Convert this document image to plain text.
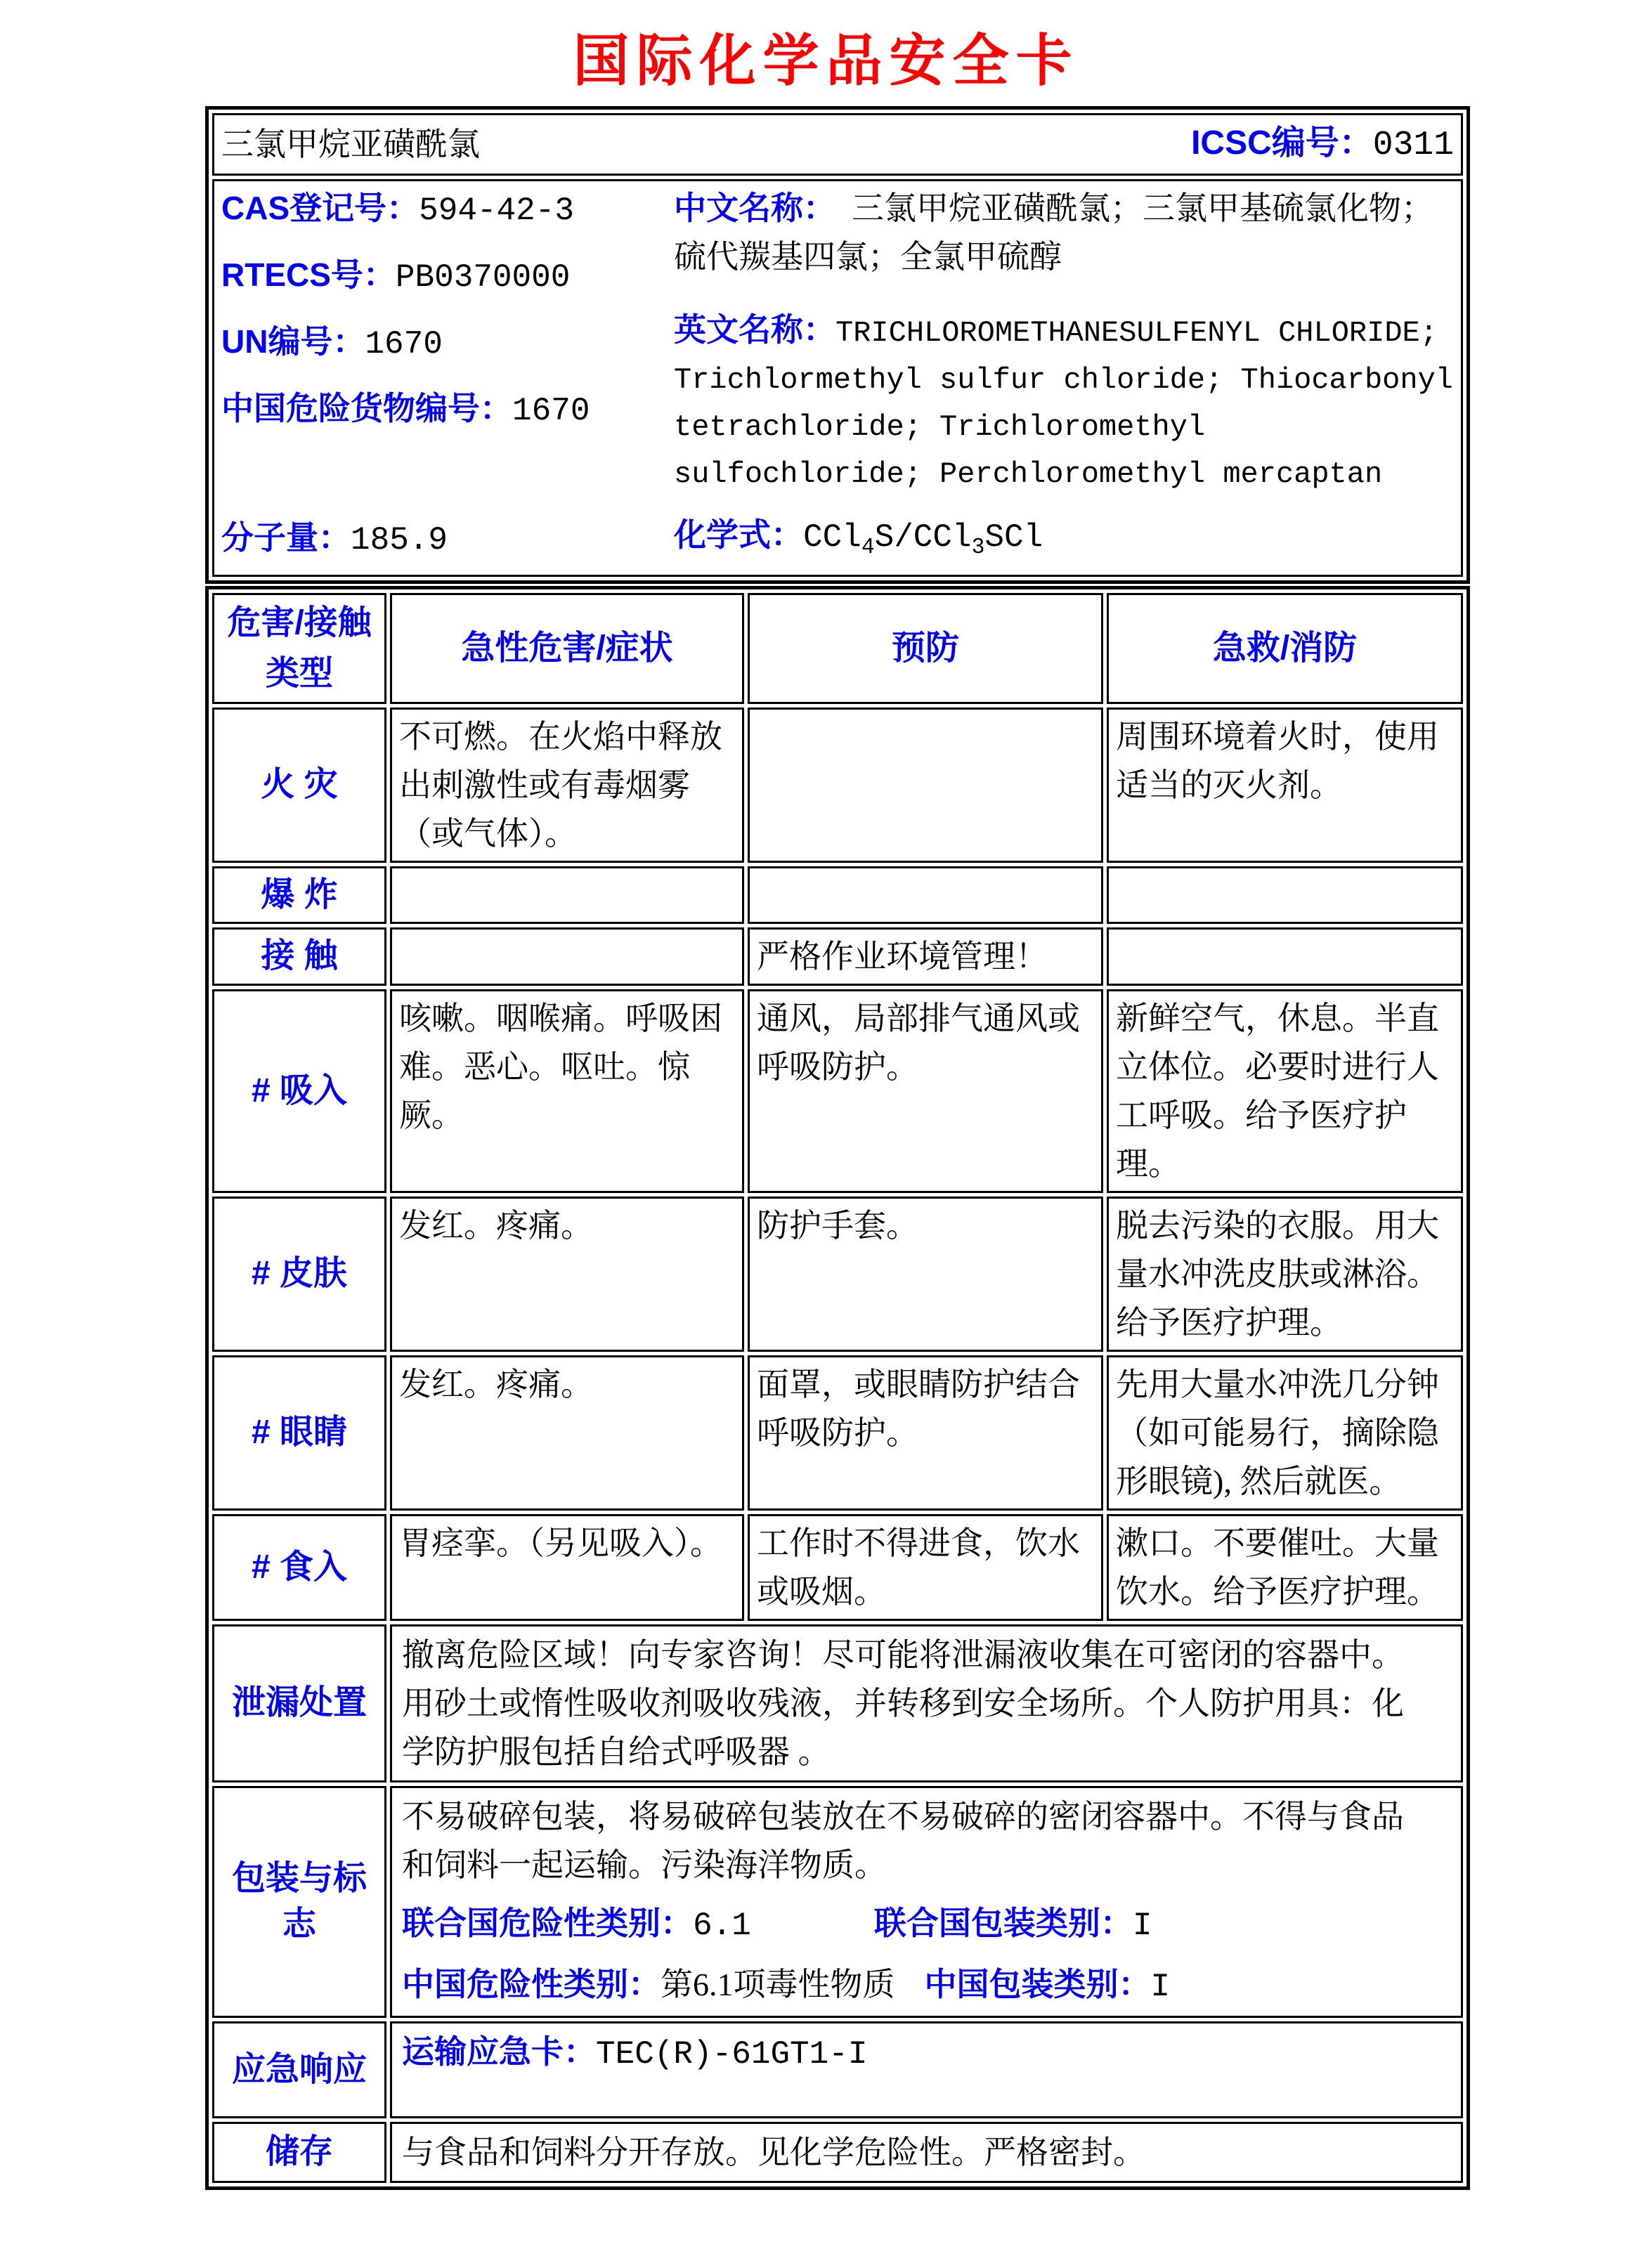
国际化学品安全卡
三氯甲烷亚磺酰氯	ICSC编号：0311

CAS登记号：594-42-3
RTECS号：PB0370000
UN编号：1670
中国危险货物编号：1670
分子量：185.9
中文名称：　三氯甲烷亚磺酰氯；三氯甲基硫氯化物；硫代羰基四氯；全氯甲硫醇
英文名称：TRICHLOROMETHANESULFENYL CHLORIDE; Trichlormethyl sulfur chloride; Thiocarbonyl tetrachloride; Trichloromethyl sulfochloride; Perchloromethyl mercaptan
化学式：CCl$_4$S/CCl$_3$SCl
危害/接触类型	急性危害/症状	预防	急救/消防
火 灾	不可燃。在火焰中释放出刺激性或有毒烟雾（或气体）。		周围环境着火时，使用适当的灭火剂。
爆 炸			
接 触		严格作业环境管理！	
# 吸入	咳嗽。咽喉痛。呼吸困难。恶心。呕吐。惊厥。	通风，局部排气通风或呼吸防护。	新鲜空气，休息。半直立体位。必要时进行人工呼吸。给予医疗护理。
# 皮肤	发红。疼痛。	防护手套。	脱去污染的衣服。用大量水冲洗皮肤或淋浴。给予医疗护理。
# 眼睛	发红。疼痛。	面罩，或眼睛防护结合呼吸防护。	先用大量水冲洗几分钟（如可能易行，摘除隐形眼镜), 然后就医。
# 食入	胃痉挛。（另见吸入）。	工作时不得进食，饮水或吸烟。	漱口。不要催吐。大量饮水。给予医疗护理。
泄漏处置	撤离危险区域！向专家咨询！尽可能将泄漏液收集在可密闭的容器中。
用砂土或惰性吸收剂吸收残液，并转移到安全场所。个人防护用具：化
学防护服包括自给式呼吸器 。		

包装与标志	不易破碎包装，将易破碎包装放在不易破碎的密闭容器中。不得与食品
和饲料一起运输。污染海洋物质。
联合国危险性类别：6.1 联合国包装类别：I
中国危险性类别：第6.1项毒性物质 中国包装类别：I		

应急响应	运输应急卡：TEC(R)-61GT1-I		
储存	与食品和饲料分开存放。见化学危险性。严格密封。		
